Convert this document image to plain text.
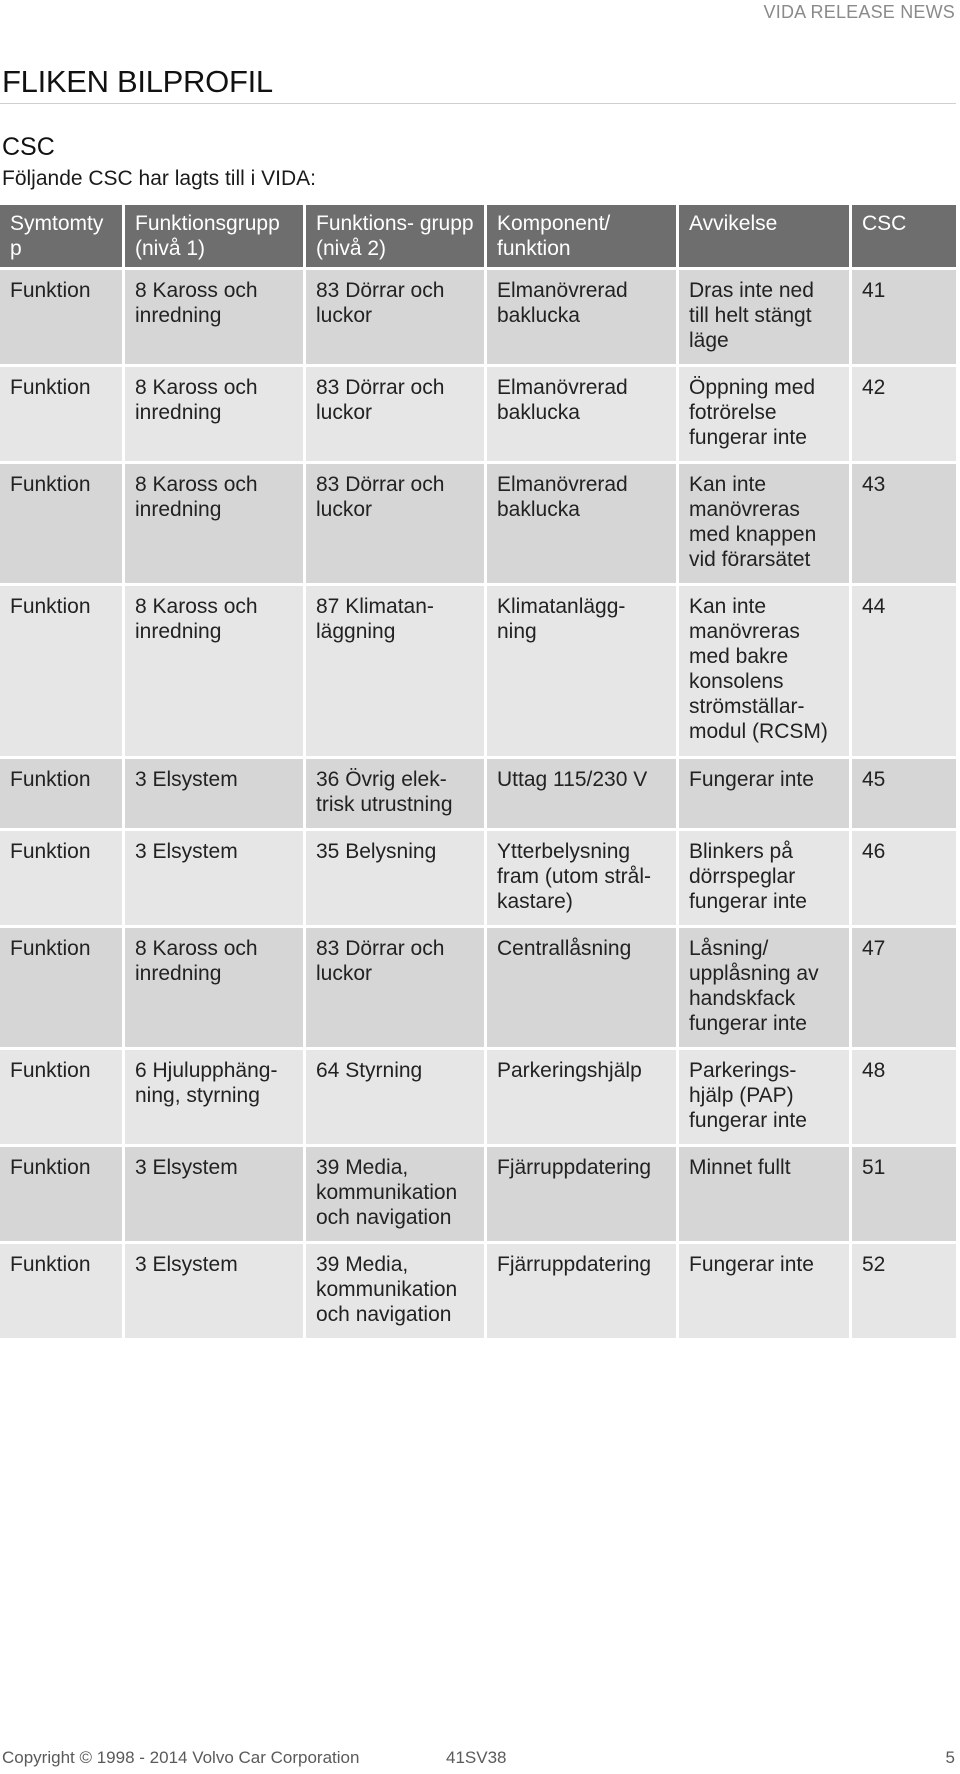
VIDA RELEASE NEWS
FLIKEN BILPROFIL
CSC

Följande CSC har lagts till i VIDA:

Symtomty p	Funktionsgrupp (nivå 1)	Funktions- grupp (nivå 2)	Komponent/ funktion	Avvikelse	CSC
Funktion	8 Kaross och inredning	83 Dörrar och luckor	Elmanövrerad baklucka	Dras inte ned till helt stängt läge	41
Funktion	8 Kaross och inredning	83 Dörrar och luckor	Elmanövrerad baklucka	Öppning med fotrörelse fungerar inte	42
Funktion	8 Kaross och inredning	83 Dörrar och luckor	Elmanövrerad baklucka	Kan inte manövreras med knappen vid förarsätet	43
Funktion	8 Kaross och inredning	87 Klimatan- läggning	Klimatanlägg- ning	Kan inte manövreras med bakre konsolens strömställar- modul (RCSM)	44
Funktion	3 Elsystem	36 Övrig elek- trisk utrustning	Uttag 115/230 V	Fungerar inte	45
Funktion	3 Elsystem	35 Belysning	Ytterbelysning fram (utom strål- kastare)	Blinkers på dörrspeglar fungerar inte	46
Funktion	8 Kaross och inredning	83 Dörrar och luckor	Centrallåsning	Låsning/ upplåsning av handskfack fungerar inte	47
Funktion	6 Hjulupphäng- ning, styrning	64 Styrning	Parkeringshjälp	Parkerings- hjälp (PAP) fungerar inte	48
Funktion	3 Elsystem	39 Media, kommunikation och navigation	Fjärruppdatering	Minnet fullt	51
Funktion	3 Elsystem	39 Media, kommunikation och navigation	Fjärruppdatering	Fungerar inte	52
Copyright © 1998 - 2014 Volvo Car Corporation	41SV38	5
